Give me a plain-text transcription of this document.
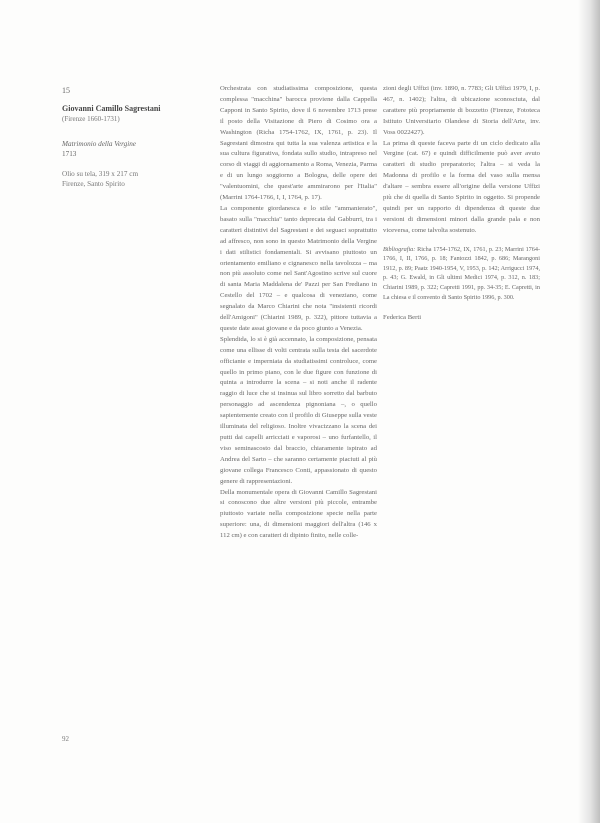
15
Giovanni Camillo Sagrestani
(Firenze 1660-1731)
Matrimonio della Vergine
1713
Olio su tela, 319 x 217 cm
Firenze, Santo Spirito

Orchestrata con studiatissima composizione, questa complessa "macchina" barocca proviene dalla Cappella Capponi in Santo Spirito, dove il 6 novembre 1713 prese il posto della Visitazione di Piero di Cosimo ora a Washington (Richa 1754-1762, IX, 1761, p. 23). Il Sagrestani dimostra qui tutta la sua valenza artistica e la sua cultura figurativa, fondata sullo studio, intrapreso nel corso di viaggi di aggiornamento a Roma, Venezia, Parma e di un lungo soggiorno a Bologna, delle opere dei "valentuomini, che quest'arte ammirarono per l'Italia" (Marrini 1764-1766, I, I, 1764, p. 17).

La componente giordanesca e lo stile "ammanierato", basato sulla "macchia" tanto deprecata dal Gabburri, tra i caratteri distintivi del Sagrestani e dei seguaci soprattutto ad affresco, non sono in questo Matrimonio della Vergine i dati stilistici fondamentali. Si avvisano piuttosto un orientamento emiliano e cignanesco nella tavolozza – ma non più assoluto come nel Sant'Agostino scrive sul cuore di santa Maria Maddalena de' Pazzi per San Frediano in Cestello del 1702 – e qualcosa di veneziano, come segnalato da Marco Chiarini che nota "insistenti ricordi dell'Amigoni" (Chiarini 1989, p. 322), pittore tuttavia a queste date assai giovane e da poco giunto a Venezia.

Splendida, lo si è già accennato, la composizione, pensata come una ellisse di volti centrata sulla testa del sacerdote officiante e imperniata da studiatissimi controluce, come quello in primo piano, con le due figure con funzione di quinta a introdurre la scena – si noti anche il radente raggio di luce che si insinua sul libro sorretto dal barbuto personaggio ad ascendenza pignoniana –, o quello sapientemente creato con il profilo di Giuseppe sulla veste illuminata del religioso. Inoltre vivacizzano la scena dei putti dai capelli arricciati e vaporosi – uno furfantello, il viso seminascosto dal braccio, chiaramente ispirato ad Andrea del Sarto – che saranno certamente piaciuti al più giovane collega Francesco Conti, appassionato di questo genere di rappresentazioni.

Della monumentale opera di Giovanni Camillo Sagrestani si conoscono due altre versioni più piccole, entrambe piuttosto variate nella composizione specie nella parte superiore: una, di dimensioni maggiori dell'altra (146 x 112 cm) e con caratteri di dipinto finito, nelle colle-

zioni degli Uffizi (inv. 1890, n. 7783; Gli Uffizi 1979, I, p. 467, n. 1402); l'altra, di ubicazione sconosciuta, dal carattere più propriamente di bozzetto (Firenze, Fototeca Istituto Universitario Olandese di Storia dell'Arte, inv. Voss 0022427).

La prima di queste faceva parte di un ciclo dedicato alla Vergine (cat. 67) e quindi difficilmente può aver avuto caratteri di studio preparatorio; l'altra – si veda la Madonna di profilo e la forma del vaso sulla mensa d'altare – sembra essere all'origine della versione Uffizi più che di quella di Santo Spirito in oggetto. Si propende quindi per un rapporto di dipendenza di queste due versioni di dimensioni minori dalla grande pala e non viceversa, come talvolta sostenuto.

Bibliografia: Richa 1754-1762, IX, 1761, p. 23; Marrini 1764-1766, I, II, 1766, p. 18; Fantozzi 1842, p. 686; Marangoni 1912, p. 89; Paatz 1940-1954, V, 1953, p. 142; Arrigucci 1974, p. 43; G. Ewald, in Gli ultimi Medici 1974, p. 312, n. 183; Chiarini 1989, p. 322; Capretti 1991, pp. 34-35; E. Capretti, in La chiesa e il convento di Santo Spirito 1996, p. 300.

Federica Berti

92
